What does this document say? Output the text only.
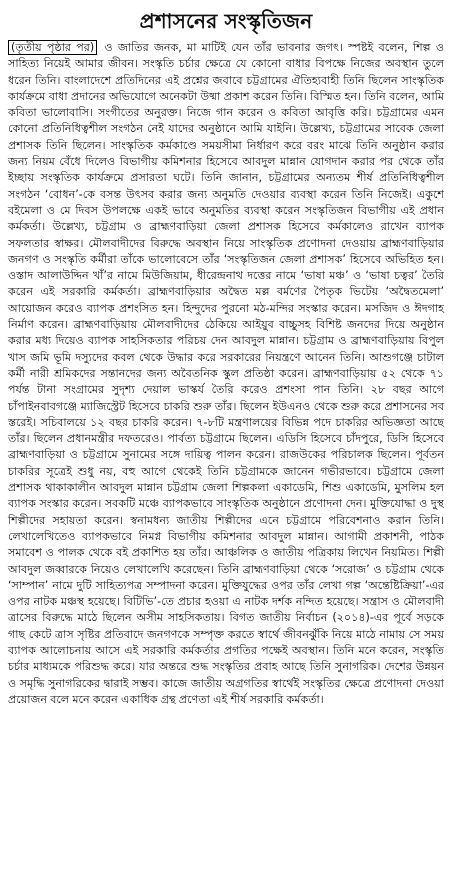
প্রশাসনের সংস্কৃতিজন
(তৃতীয় পৃষ্ঠার পর) ও জাতির জনক, মা মাটিই যেন তাঁর ভাবনার জগৎ। স্পষ্টই বলেন, শিল্প ও সাহিত্য নিয়েই আমার জীবন। সংস্কৃতি চর্চার ক্ষেত্রে যে কোনো বাধার বিপক্ষে নিজের অবস্থান তুলে ধরেন তিনি। বাংলাদেশে প্রতিদিনের এই প্রশ্নের জবাবে চট্টগ্রামের ঐতিহ্যবাহী তিনি ছিলেন সাংস্কৃতিক কার্যক্রমে বাধা প্রদানের অভিযোগে অনেকটা উষ্মা প্রকাশ করেন তিনি। বিস্মিত হন। তিনি বলেন, আমি কবিতা ভালোবাসি। সংগীতের অনুরক্ত। নিজে গান করেন ও কবিতা আবৃত্তি করি। চট্টগ্রামের এমন কোনো প্রতিনিধিত্বশীল সংগঠন নেই যাদের অনুষ্ঠানে আমি যাইনি। উল্লেখ্য, চট্টগ্রামের সাবেক জেলা প্রশাসক তিনি ছিলেন। সাংস্কৃতিক কর্মকাণ্ডে সময়সীমা নির্ধারণ করে বরং মাঝে তিনি অনুষ্ঠান করার জন্য নিয়ম বেঁধে দিলেও বিভাগীয় কমিশনার হিসেবে আবদুল মান্নান যোগদান করার পর থেকে তাঁর ইচ্ছায় সংস্কৃতিক কার্যক্রমে প্রসারতা ঘটে। তিনি জানান, চট্টগ্রামের অন্যতম শীর্ষ প্রতিনিধিত্বশীল সংগঠন ‘বোধন’-কে বসন্ত উৎসব করার জন্য অনুমতি দেওয়ার ব্যবস্থা করেন তিনি নিজেই। একুশে বইমেলা ও মে দিবস উপলক্ষে একই ভাবে অনুমতির ব্যবস্থা করেন সংস্কৃতিজন বিভাগীয় এই প্রধান কর্মকর্তা। উল্লেখ্য, চট্টগ্রাম ও ব্রাহ্মণবাড়িয়া জেলা প্রশাসক হিসেবে কর্মকালেও রাখেন ব্যাপক সফলতার স্বাক্ষর। মৌলবাদীদের বিরুদ্ধে অবস্থান নিয়ে সাংস্কৃতিক প্রণোদনা দেওয়ায় ব্রাহ্মণবাড়িয়ার জনগণ ও সংস্কৃতি কর্মীরা তাঁকে ভালোবেসে তাঁর ‘সংস্কৃতিজন জেলা প্রশাসক’ হিসেবে অভিহিত হন। ওস্তাদ আলাউদ্দিন খাঁ’র নামে মিউজিয়াম, ধীরেন্দ্রনাথ দত্তের নামে ‘ভাষা মঞ্চ’ ও ‘ভাষা চত্বর’ তৈরি করেন এই সরকারি কর্মকর্তা। ব্রাহ্মণবাড়িয়ার অদ্বৈত মল্ল বর্মণের পৈতৃক ভিটেয় ‘অদ্বৈতমেলা’ আয়োজন করেও ব্যাপক প্রশংসিত হন। হিন্দুদের পুরনো মঠ-মন্দির সংস্কার করেন। মসজিদ ও ঈদগাহ নির্মাণ করেন। ব্রাহ্মণবাড়িয়ায় মৌলবাদীদের ঠেকিয়ে আইয়ুব বাচ্চুসহ বিশিষ্ট জনদের দিয়ে অনুষ্ঠান করার মধ্য দিয়েও ব্যাপক সাহসিকতার পরিচয় দেন আবদুল মান্নান। চট্টগ্রাম ও ব্রাহ্মণবাড়িয়ায় বিপুল খাস জমি ভূমি দস্যুদের কবল থেকে উদ্ধার করে সরকারের নিয়ন্ত্রণে আনেন তিনি। আশুগঞ্জে চাটাল কর্মী নারী শ্রমিকদের সন্তানদের জন্য অবৈতনিক স্কুল প্রতিষ্ঠা করেন। ব্রাহ্মণবাড়িয়ায় ৫২ থেকে ৭১ পর্যন্ত টানা সংগ্রামের সুদৃশ্য দেয়াল ভাস্কর্য তৈরি করেও প্রশংসা পান তিনি। ২৮ বছর আগে চাঁপাইনবাবগঞ্জে ম্যাজিস্ট্রেট হিসেবে চাকরি শুরু তাঁর। ছিলেন ইউএনও থেকে শুরু করে প্রশাসনের সব স্তরেই। সচিবালয়ে ১২ বছর চাকরি করেন। ৭-৮টি মন্ত্রণালয়ের বিভিন্ন পদে চাকরির অভিজ্ঞতা আছে তাঁর। ছিলেন প্রধানমন্ত্রীর দফতরেও। পার্বত্য চট্টগ্রামে ছিলেন। এডিসি হিসেবে চাঁদপুরে, ডিসি হিসেবে ব্রাহ্মণবাড়িয়া ও চট্টগ্রামে সুনামের সঙ্গে দায়িত্ব পালন করেন। রাজউকের পরিচালক ছিলেন। পূর্বতন চাকরির সূত্রেই শুধু নয়, বহু আগে থেকেই তিনি চট্টগ্রামকে জানেন গভীরভাবে। চট্টগ্রামে জেলা প্রশাসক থাকাকালীন আবদুল মান্নান চট্টগ্রাম জেলা শিল্পকলা একাডেমি, শিশু একাডেমি, মুসলিম হল ব্যাপক সংস্কার করেন। সবকটি মঞ্চে ব্যাপকভাবে সাংস্কৃতিক অনুষ্ঠানে প্রণোদনা দেন। মুক্তিযোদ্ধা ও দুস্থ শিল্পীদের সহায়তা করেন। স্বনামধন্য জাতীয় শিল্পীদের এনে চট্টগ্রামে পরিবেশনাও করান তিনি। লেখালেখিতেও ব্যাপকভাবে নিমগ্ন বিভাগীয় কমিশনার আবদুল মান্নান। আগামী প্রকাশনী, পাঠক সমাবেশ ও পালক থেকে বই প্রকাশিত হয় তাঁর। আঞ্চলিক ও জাতীয় পত্রিকায় লিখেন নিয়মিত। শিল্পী আবদুল জব্বারকে নিয়েও লেখালেখি করেছেন। তিনি ব্রাহ্মণবাড়িয়া থেকে ‘সরোজ’ ও চট্টগ্রাম থেকে ‘সাম্পান’ নামে দুটি সাহিত্যপত্র সম্পাদনা করেন। মুক্তিযুদ্ধের ওপর তাঁর লেখা গল্প ‘অন্তেষ্টিক্রিয়া’-এর ওপর নাটক মঞ্চস্থ হয়েছে। বিটিভি’-তে প্রচার হওয়া এ নাটক দর্শক নন্দিত হয়েছে। সন্ত্রাস ও মৌলবাদী ত্রাসের বিরুদ্ধে মাঠে ছিলেন অসীম সাহসিকতায়। বিগত জাতীয় নির্বাচন (২০১৪)-এর পূর্বে সড়কে গাছ কেটে ত্রাস সৃষ্টির প্রতিবাদে জনগণকে সম্পৃক্ত করতে স্বার্থে জীবনঝুঁকি নিয়ে মাঠে নামায় সে সময় ব্যাপক আলোচনায় আসে এই সরকারি কর্মকর্তার প্রগতির পক্ষেই অবস্থান। তিনি মনে করেন, সংস্কৃতি চর্চার মাধ্যমকে পরিশুদ্ধ করে। যার অন্তরে শুদ্ধ সংস্কৃতির প্রবাহ আছে তিনি সুনাগরিক। দেশের উন্নয়ন ও সমৃদ্ধি সুনাগরিকের দ্বারাই সম্ভব। কাজে জাতীয় অগ্রগতির স্বার্থেই সংস্কৃতির ক্ষেত্রে প্রণোদনা দেওয়া প্রয়োজন বলে মনে করেন একাধিক গ্রন্থ প্রণেতা এই শীর্ষ সরকারি কর্মকর্তা।
